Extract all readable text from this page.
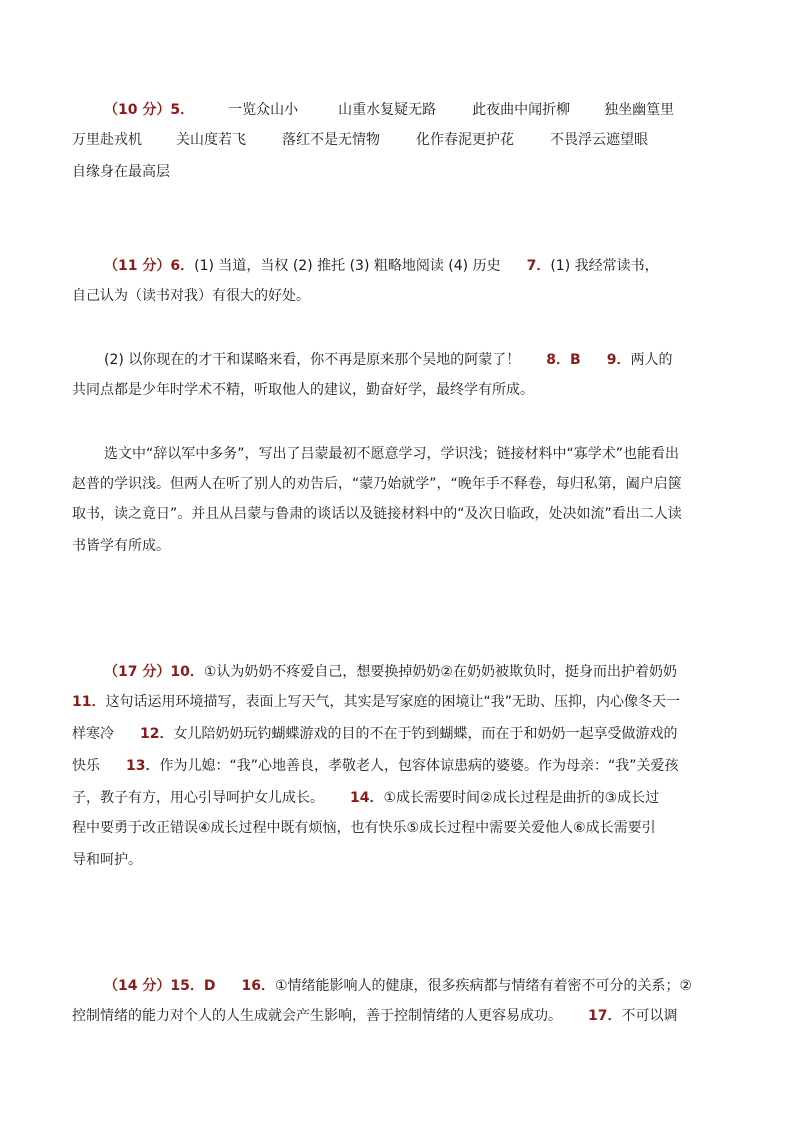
（10 分）5． 一览众山小	山重水复疑无路	此夜曲中闻折柳 独坐幽篁里
万里赴戎机 关山度若飞	落红不是无情物	化作春泥更护花	不畏浮云遮望眼
自缘身在最高层
（11 分）6．(1) 当道，当权 (2) 推托 (3) 粗略地阅读 (4) 历史 7．(1) 我经常读书，
自己认为（读书对我）有很大的好处。
(2) 以你现在的才干和谋略来看，你不再是原来那个吴地的阿蒙了！ 8．B 9．两人的
共同点都是少年时学术不精，听取他人的建议，勤奋好学，最终学有所成。
选文中“辞以军中多务”，写出了吕蒙最初不愿意学习，学识浅；链接材料中“寡学术”也能看出
赵普的学识浅。但两人在听了别人的劝告后，“蒙乃始就学”，“晚年手不释卷，每归私第，阖户启箧
取书，读之竟日”。并且从吕蒙与鲁肃的谈话以及链接材料中的“及次日临政，处决如流”看出二人读
书皆学有所成。
（17 分）10．①认为奶奶不疼爱自己，想要换掉奶奶②在奶奶被欺负时，挺身而出护着奶奶
11．这句话运用环境描写，表面上写天气，其实是写家庭的困境让“我”无助、压抑，内心像冬天一
样寒冷 12．女儿陪奶奶玩钓蝴蝶游戏的目的不在于钓到蝴蝶，而在于和奶奶一起享受做游戏的
快乐 13．作为儿媳：“我”心地善良，孝敬老人，包容体谅患病的婆婆。作为母亲：“我”关爱孩
子，教子有方，用心引导呵护女儿成长。 14．①成长需要时间②成长过程是曲折的③成长过
程中要勇于改正错误④成长过程中既有烦恼，也有快乐⑤成长过程中需要关爱他人⑥成长需要引
导和呵护。
（14 分）15．D 16．①情绪能影响人的健康，很多疾病都与情绪有着密不可分的关系；②
控制情绪的能力对个人的人生成就会产生影响，善于控制情绪的人更容易成功。 17．不可以调
